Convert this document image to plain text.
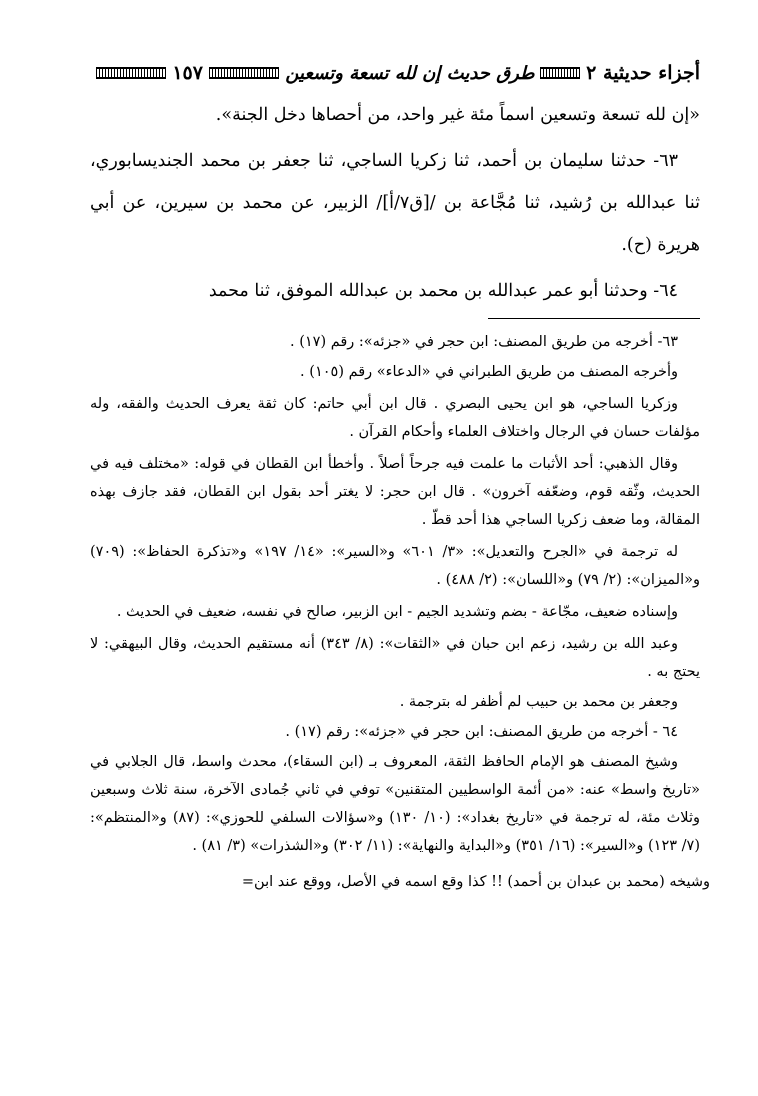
أجزاء حديثية ٢
طرق حديث إن لله تسعة وتسعين
١٥٧

«إن لله تسعة وتسعين اسماً مئة غير واحد، من أحصاها دخل الجنة».

٦٣- حدثنا سليمان بن أحمد، ثنا زكريا الساجي، ثنا جعفر بن محمد الجنديسابوري، ثنا عبدالله بن رُشيد، ثنا مُجَّاعة بن /[ق٧/أ]/ الزبير، عن محمد بن سيرين، عن أبي هريرة (ح).

٦٤- وحدثنا أبو عمر عبدالله بن محمد بن عبدالله الموفق، ثنا محمد

٦٣- أخرجه من طريق المصنف: ابن حجر في «جزئه»: رقم (١٧) .

وأخرجه المصنف من طريق الطبراني في «الدعاء» رقم (١٠٥) .

وزكريا الساجي، هو ابن يحيى البصري . قال ابن أبي حاتم: كان ثقة يعرف الحديث والفقه، وله مؤلفات حسان في الرجال واختلاف العلماء وأحكام القرآن .

وقال الذهبي: أحد الأثبات ما علمت فيه جرحاً أصلاً . وأخطأ ابن القطان في قوله: «مختلف فيه في الحديث، وثّقه قوم، وضعّفه آخرون» . قال ابن حجر: لا يغتر أحد بقول ابن القطان، فقد جازف بهذه المقالة، وما ضعف زكريا الساجي هذا أحد قطّ .

له ترجمة في «الجرح والتعديل»: «٣/ ٦٠١» و«السير»: «١٤/ ١٩٧» و«تذكرة الحفاظ»: (٧٠٩) و«الميزان»: (٢/ ٧٩) و«اللسان»: (٢/ ٤٨٨) .

وإسناده ضعيف، مجّاعة - بضم وتشديد الجيم - ابن الزبير، صالح في نفسه، ضعيف في الحديث .

وعبد الله بن رشيد، زعم ابن حبان في «الثقات»: (٨/ ٣٤٣) أنه مستقيم الحديث، وقال البيهقي: لا يحتج به .

وجعفر بن محمد بن حبيب لم أظفر له بترجمة .

٦٤ - أخرجه من طريق المصنف: ابن حجر في «جزئه»: رقم (١٧) .

وشيخ المصنف هو الإمام الحافظ الثقة، المعروف بـ (ابن السقاء)، محدث واسط، قال الجلابي في «تاريخ واسط» عنه: «من أئمة الواسطيين المتقنين» توفي في ثاني جُمادى الآخرة، سنة ثلاث وسبعين وثلاث مئة، له ترجمة في «تاريخ بغداد»: (١٠/ ١٣٠) و«سؤالات السلفي للحوزي»: (٨٧) و«المنتظم»: (٧/ ١٢٣) و«السير»: (١٦/ ٣٥١) و«البداية والنهاية»: (١١/ ٣٠٢) و«الشذرات» (٣/ ٨١) .

وشيخه (محمد بن عبدان بن أحمد) !! كذا وقع اسمه في الأصل، ووقع عند ابن=
